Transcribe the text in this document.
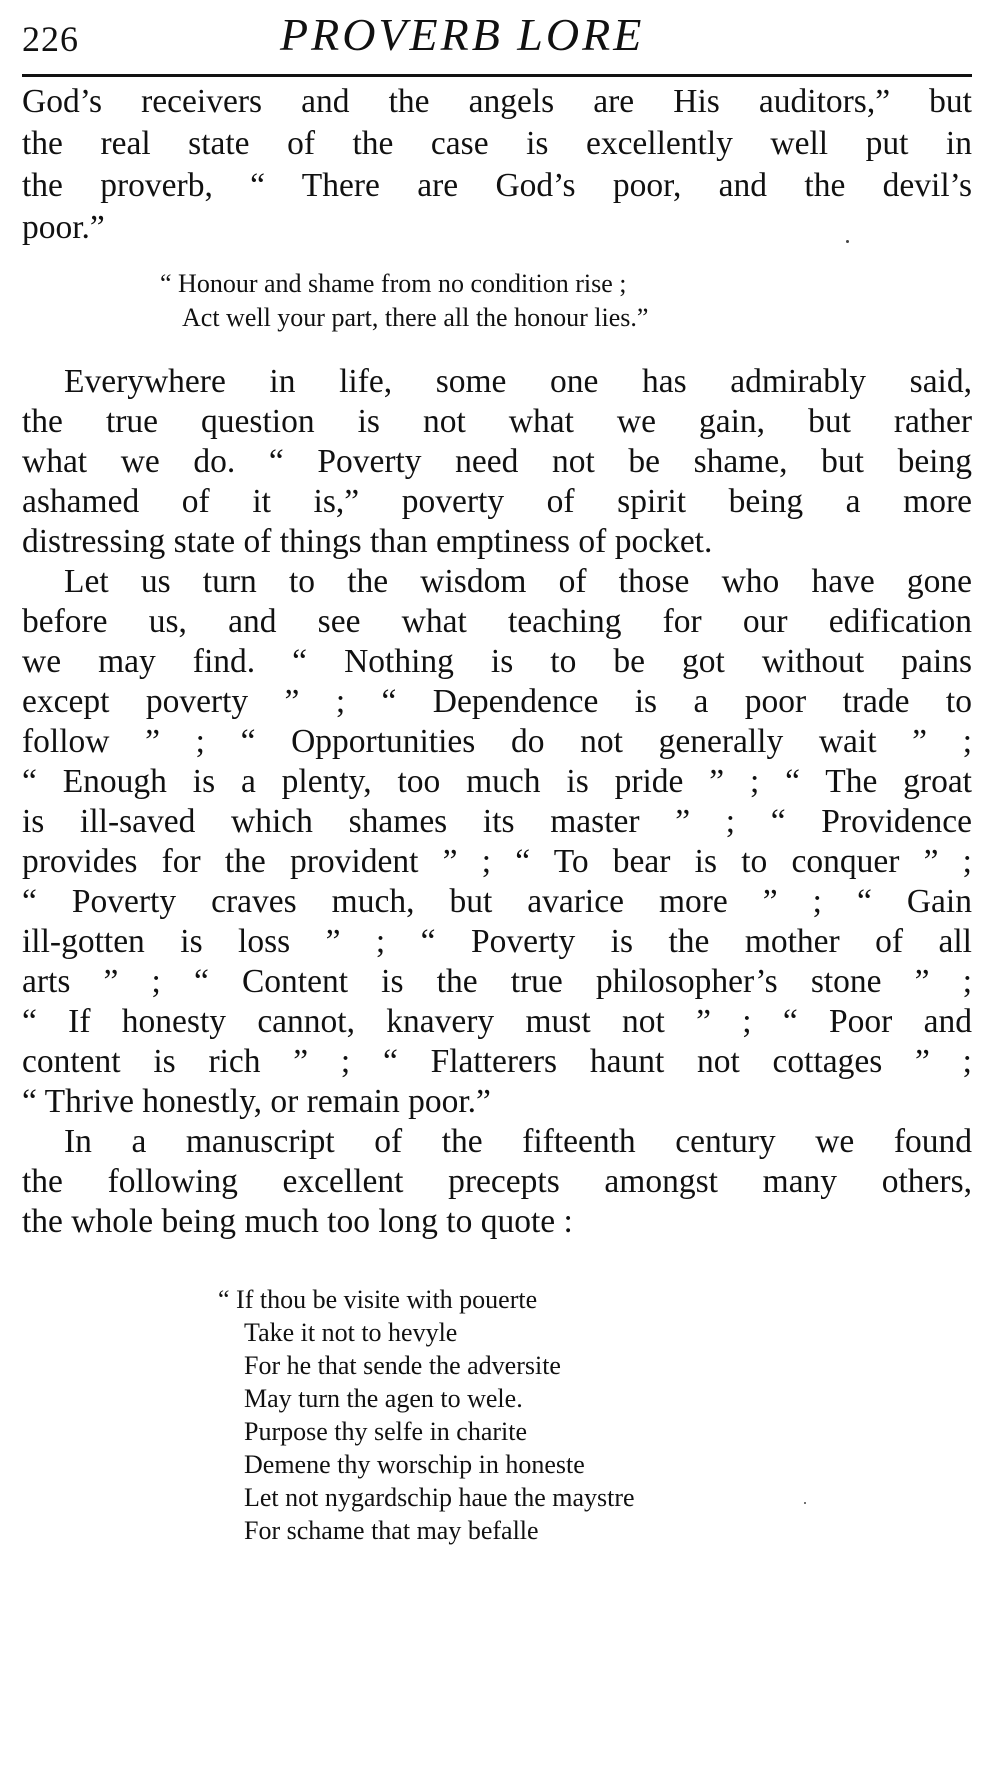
226	PROVERB LORE

God’s receivers and the angels are His auditors,” but

the real state of the case is excellently well put in

the proverb, “ There are God’s poor, and the devil’s

poor.”

“ Honour and shame from no condition rise ;

Act well your part, there all the honour lies.”

Everywhere in life, some one has admirably said,

the true question is not what we gain, but rather

what we do. “ Poverty need not be shame, but being

ashamed of it is,” poverty of spirit being a more

distressing state of things than emptiness of pocket.

Let us turn to the wisdom of those who have gone

before us, and see what teaching for our edification

we may find. “ Nothing is to be got without pains

except poverty ” ; “ Dependence is a poor trade to

follow ” ; “ Opportunities do not generally wait ” ;

“ Enough is a plenty, too much is pride ” ; “ The groat

is ill-saved which shames its master ” ; “ Providence

provides for the provident ” ; “ To bear is to conquer ” ;

“ Poverty craves much, but avarice more ” ; “ Gain

ill-gotten is loss ” ; “ Poverty is the mother of all

arts ” ; “ Content is the true philosopher’s stone ” ;

“ If honesty cannot, knavery must not ” ; “ Poor and

content is rich ” ; “ Flatterers haunt not cottages ” ;

“ Thrive honestly, or remain poor.”

In a manuscript of the fifteenth century we found

the following excellent precepts amongst many others,

the whole being much too long to quote :

“ If thou be visite with pouerte

Take it not to hevyle

For he that sende the adversite

May turn the agen to wele.

Purpose thy selfe in charite

Demene thy worschip in honeste

Let not nygardschip haue the maystre

For schame that may befalle
